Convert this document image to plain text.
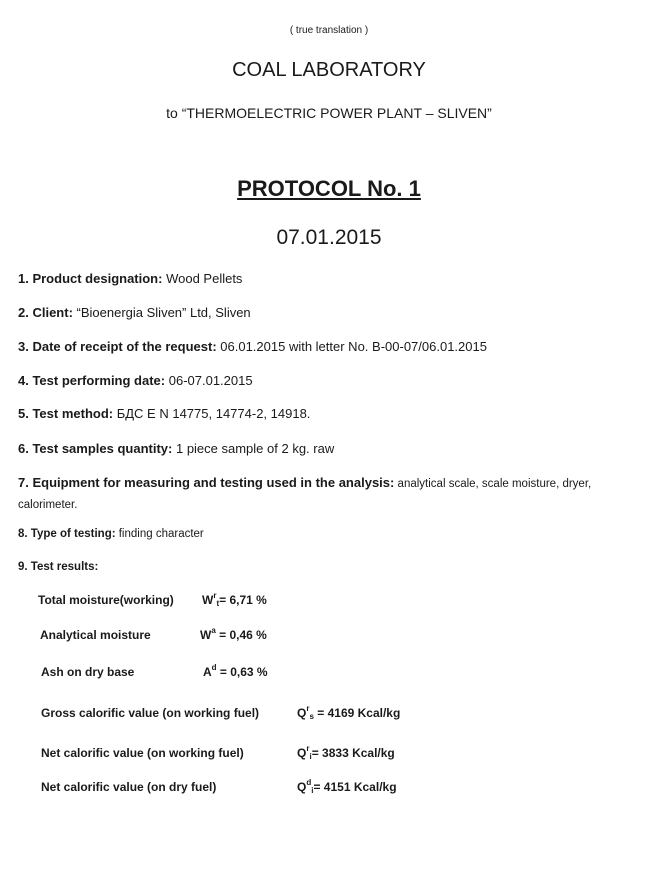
( true translation )
COAL LABORATORY
to “THERMOELECTRIC POWER PLANT – SLIVEN”
PROTOCOL No. 1
07.01.2015
1. Product designation: Wood Pellets
2. Client: “Bioenergia Sliven” Ltd, Sliven
3. Date of receipt of the request: 06.01.2015 with letter No. B-00-07/06.01.2015
4. Test performing date: 06-07.01.2015
5. Test method: БДС E N 14775, 14774-2, 14918.
6. Test samples quantity: 1 piece sample of 2 kg. raw
7. Equipment for measuring and testing used in the analysis: analytical scale, scale moisture, dryer, calorimeter.
8. Type of testing: finding character
9. Test results:
Total moisture(working) $W^rt= 6,71$ %
Analytical moisture	$W^a = 0,46$ %
Ash on dry base	$A^d = 0,63$ %
Gross calorific value (on working fuel)	$Q^rs = 4169$ Kcal/kg
Net calorific value (on working fuel)	$Q^ri= 3833$ Kcal/kg
Net calorific value (on dry fuel)	$Q^di= 4151$ Kcal/kg
